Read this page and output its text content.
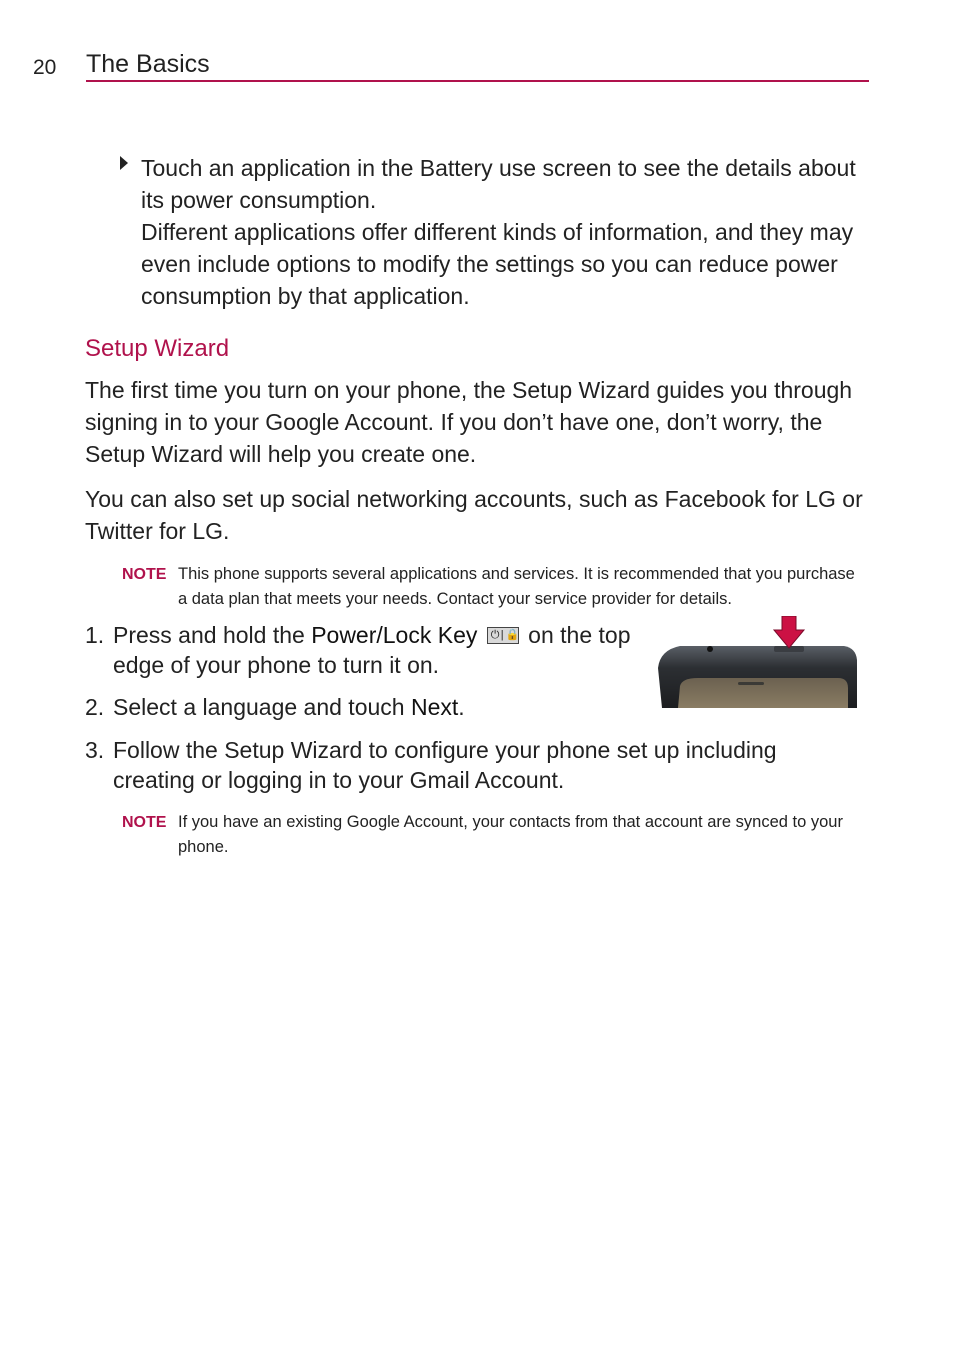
20 The Basics

Touch an application in the Battery use screen to see the details about its power consumption.

Different applications offer different kinds of information, and they may even include options to modify the settings so you can reduce power consumption by that application.

Setup Wizard

The first time you turn on your phone, the Setup Wizard guides you through signing in to your Google Account. If you don’t have one, don’t worry, the Setup Wizard will help you create one.

You can also set up social networking accounts, such as Facebook for LG or Twitter for LG.

NOTE This phone supports several applications and services. It is recommended that you purchase a data plan that meets your needs. Contact your service provider for details.
1. Press and hold the Power/Lock Key ⏻ | 🔒 on the top edge of your phone to turn it on.
2. Select a language and touch Next.
3. Follow the Setup Wizard to configure your phone set up including creating or logging in to your Gmail Account.
NOTE If you have an existing Google Account, your contacts from that account are synced to your phone.
